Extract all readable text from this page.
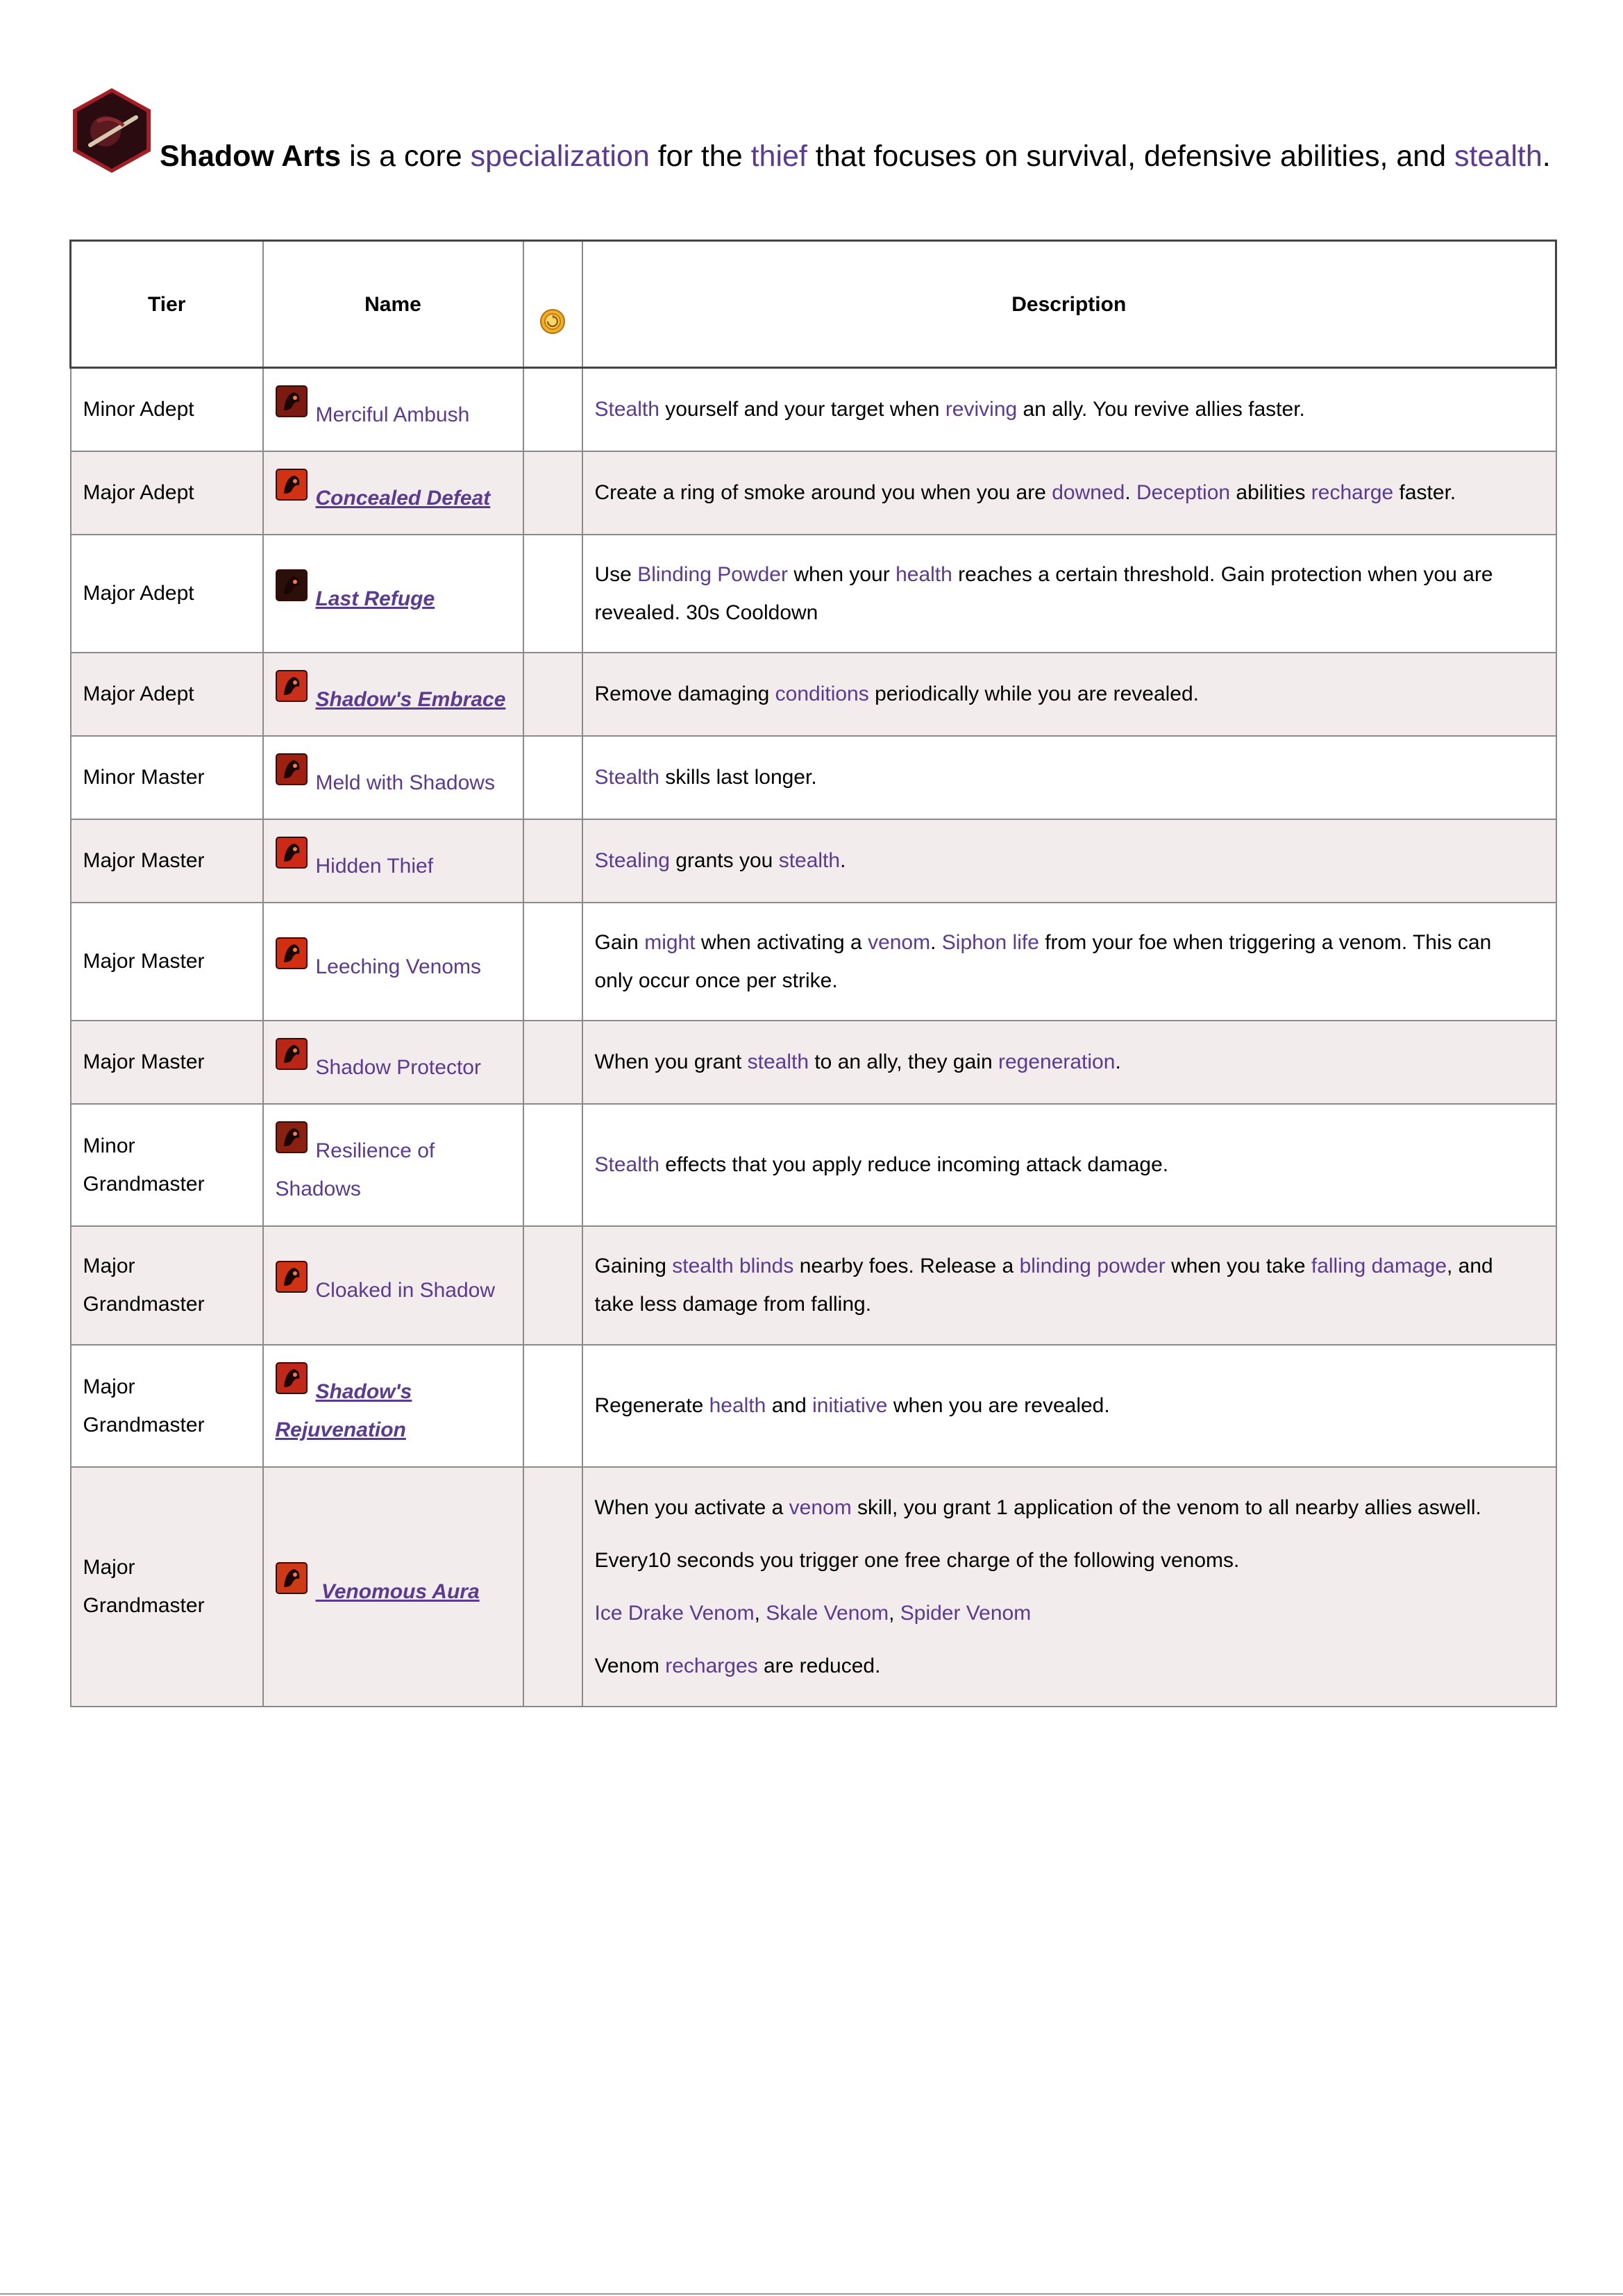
Shadow Arts is a core specialization for the thief that focuses on survival, defensive abilities, and stealth.
Tier	Name		Description
Minor Adept	Merciful Ambush		Stealth yourself and your target when reviving an ally. You revive allies faster.

Major Adept	Concealed Defeat		Create a ring of smoke around you when you are downed. Deception abilities recharge faster.

Major Adept	Last Refuge		Use Blinding Powder when your health reaches a certain threshold. Gain protection when you are revealed. 30s Cooldown

Major Adept	Shadow's Embrace		Remove damaging conditions periodically while you are revealed.

Minor Master	Meld with Shadows		Stealth skills last longer.

Major Master	Hidden Thief		Stealing grants you stealth.

Major Master	Leeching Venoms		Gain might when activating a venom. Siphon life from your foe when triggering a venom. This can only occur once per strike.

Major Master	Shadow Protector		When you grant stealth to an ally, they gain regeneration.

Minor Grandmaster	Resilience of Shadows		Stealth effects that you apply reduce incoming attack damage.

Major Grandmaster	Cloaked in Shadow		Gaining stealth blinds nearby foes. Release a blinding powder when you take falling damage, and take less damage from falling.

Major Grandmaster	Shadow's Rejuvenation		Regenerate health and initiative when you are revealed.

Major Grandmaster	Venomous Aura		When you activate a venom skill, you grant 1 application of the venom to all nearby allies aswell.
Every10 seconds you trigger one free charge of the following venoms.
Ice Drake Venom, Skale Venom, Spider Venom
Venom recharges are reduced.
